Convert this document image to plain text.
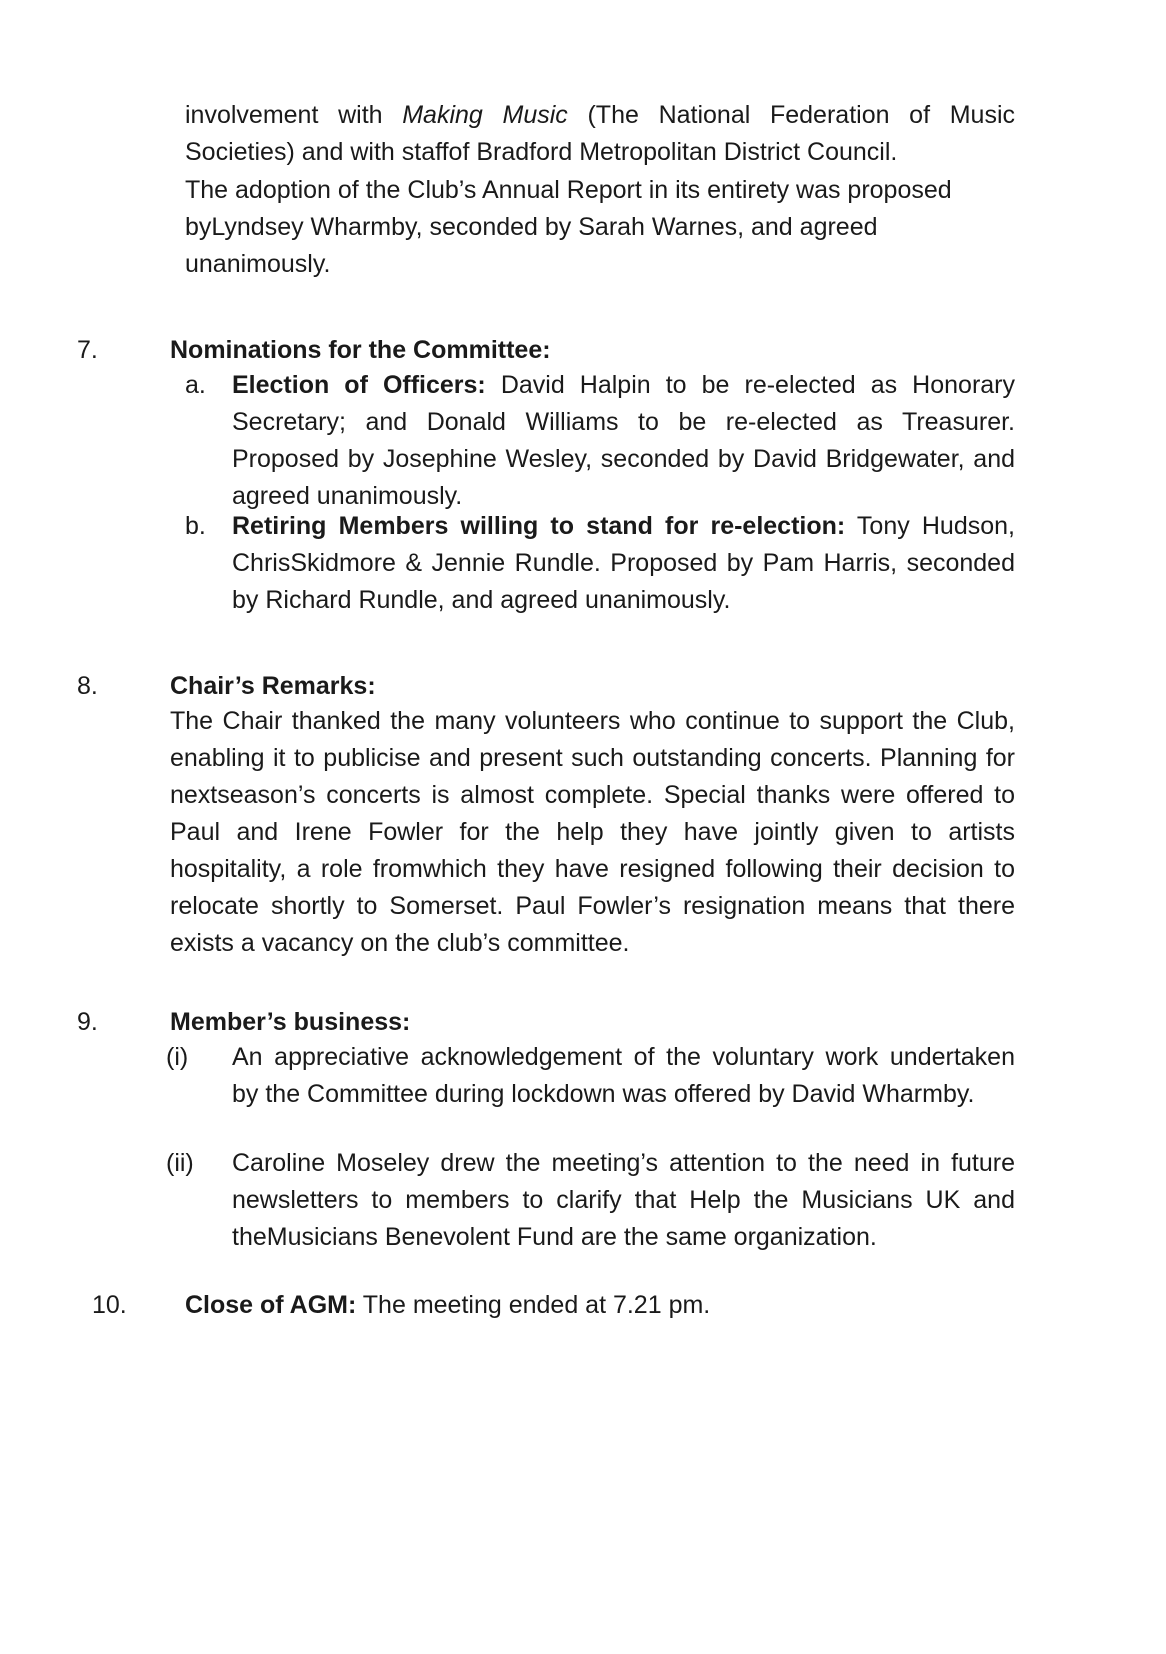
involvement with Making Music (The National Federation of Music Societies) and with staffof Bradford Metropolitan District Council.

The adoption of the Club’s Annual Report in its entirety was proposed byLyndsey Wharmby, seconded by Sarah Warnes, and agreed unanimously.

7.	Nominations for the Committee:
a. Election of Officers: David Halpin to be re-elected as Honorary Secretary; and Donald Williams to be re-elected as Treasurer. Proposed by Josephine Wesley, seconded by David Bridgewater, and agreed unanimously.
b. Retiring Members willing to stand for re-election: Tony Hudson, ChrisSkidmore & Jennie Rundle. Proposed by Pam Harris, seconded by Richard Rundle, and agreed unanimously.
8.	Chair’s Remarks:
The Chair thanked the many volunteers who continue to support the Club, enabling it to publicise and present such outstanding concerts. Planning for nextseason’s concerts is almost complete. Special thanks were offered to Paul and Irene Fowler for the help they have jointly given to artists hospitality, a role fromwhich they have resigned following their decision to relocate shortly to Somerset. Paul Fowler’s resignation means that there exists a vacancy on the club’s committee.
9.	Member’s business:
(i) An appreciative acknowledgement of the voluntary work undertaken by the Committee during lockdown was offered by David Wharmby.
(ii) Caroline Moseley drew the meeting’s attention to the need in future newsletters to members to clarify that Help the Musicians UK and theMusicians Benevolent Fund are the same organization.
10. Close of AGM: The meeting ended at 7.21 pm.
